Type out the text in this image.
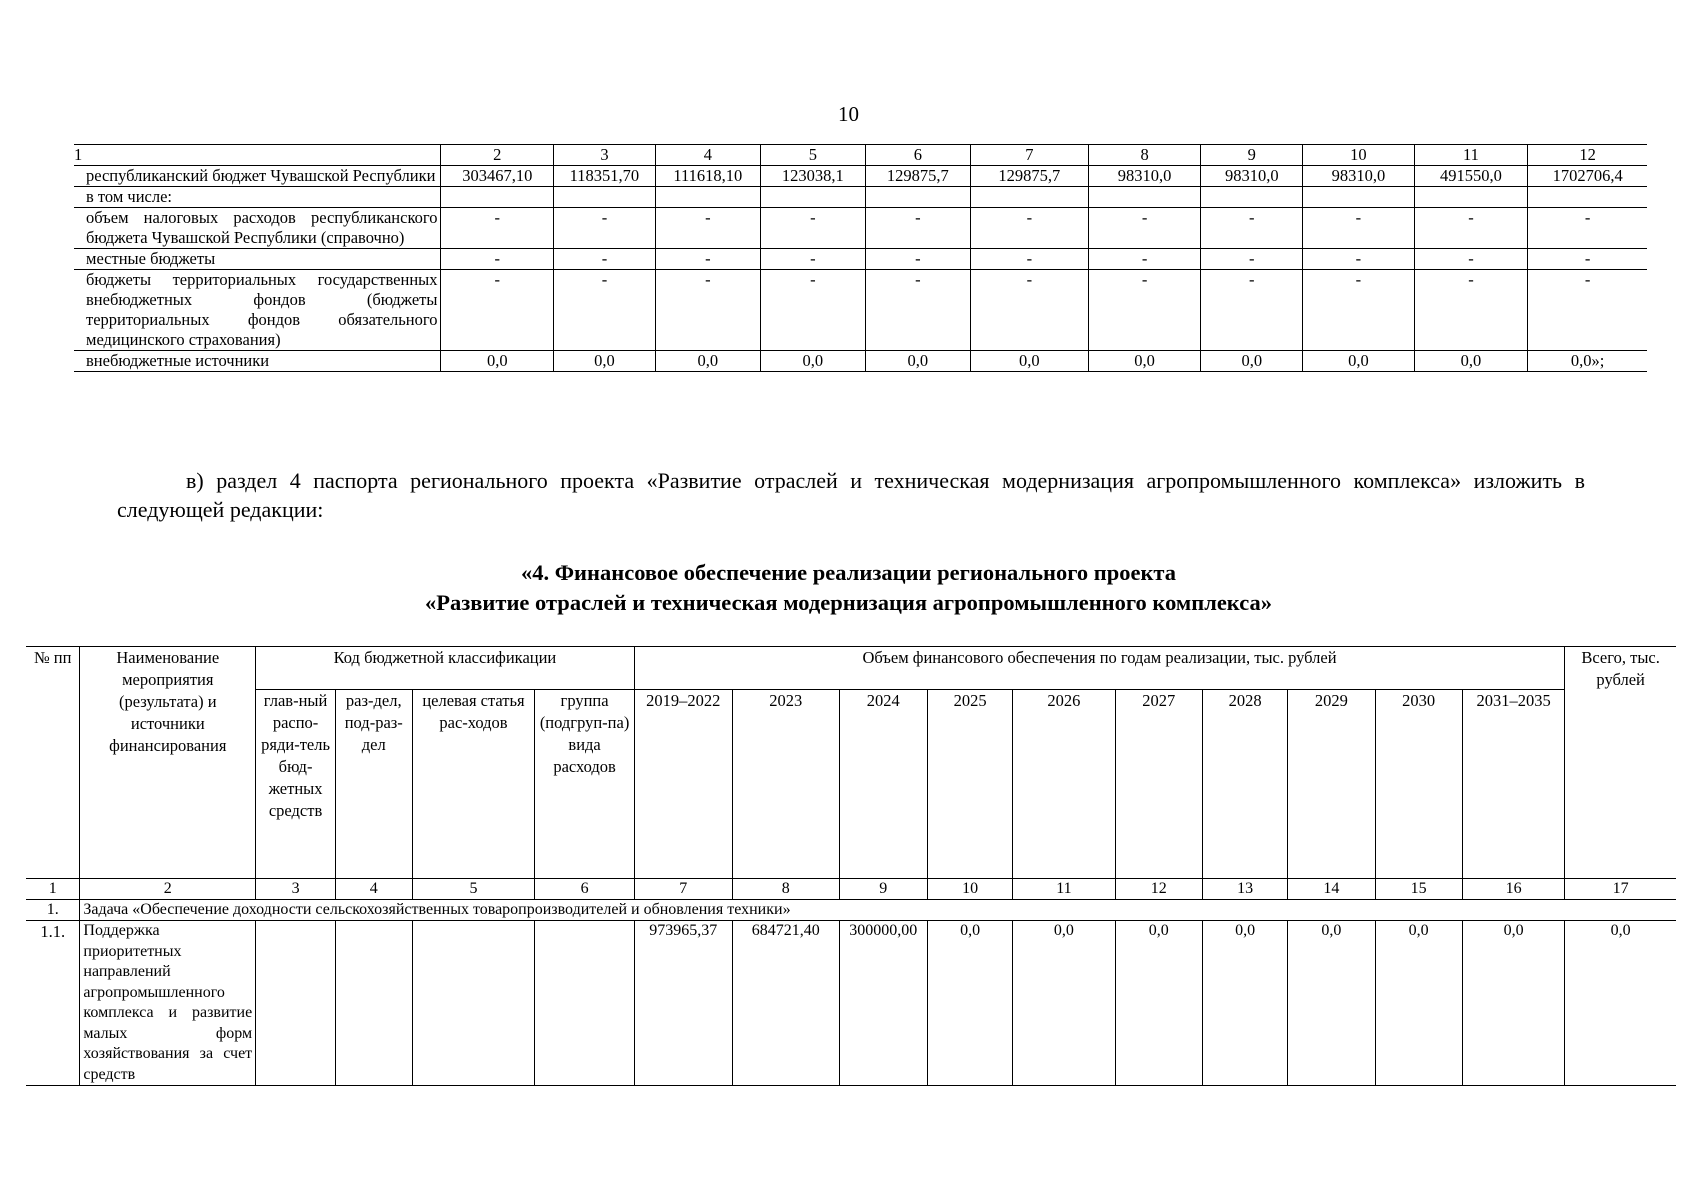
10
1	2	3	4	5	6	7	8	9	10	11	12
республиканский бюджет Чувашской Республики	303467,10	118351,70	111618,10	123038,1	129875,7	129875,7	98310,0	98310,0	98310,0	491550,0	1702706,4
в том числе:											
объем налоговых расходов республиканского бюджета Чувашской Республики (справочно)	-	-	-	-	-	-	-	-	-	-	-
местные бюджеты	-	-	-	-	-	-	-	-	-	-	-
бюджеты территориальных государственных внебюджетных фондов (бюджеты территориальных фондов обязательного медицинского страхования)	-	-	-	-	-	-	-	-	-	-	-
внебюджетные источники	0,0	0,0	0,0	0,0	0,0	0,0	0,0	0,0	0,0	0,0	0,0»;
в) раздел 4 паспорта регионального проекта «Развитие отраслей и техническая модернизация агропромышленного комплекса» изложить в следующей редакции:
«4. Финансовое обеспечение реализации регионального проекта
«Развитие отраслей и техническая модернизация агропромышленного комплекса»
№ пп	Наименование мероприятия (результата) и источники финансирования	Код бюджетной классификации				Объем финансового обеспечения по годам реализации, тыс. рублей										Всего, тыс. рублей
		глав-ный распо-ряди-тель бюд-жетных средств	раз-дел, под-раз-дел	целевая статья рас-ходов	группа (подгруп-па) вида расходов	2019–2022	2023	2024	2025	2026	2027	2028	2029	2030	2031–2035	
1	2	3	4	5	6	7	8	9	10	11	12	13	14	15	16	17
1.	Задача «Обеспечение доходности сельскохозяйственных товаропроизводителей и обновления техники»															
1.1.	Поддержка приоритетных направлений агропромышленного комплекса и развитие малых форм хозяйствования за счет средств					973965,37	684721,40	300000,00	0,0	0,0	0,0	0,0	0,0	0,0	0,0	0,0
